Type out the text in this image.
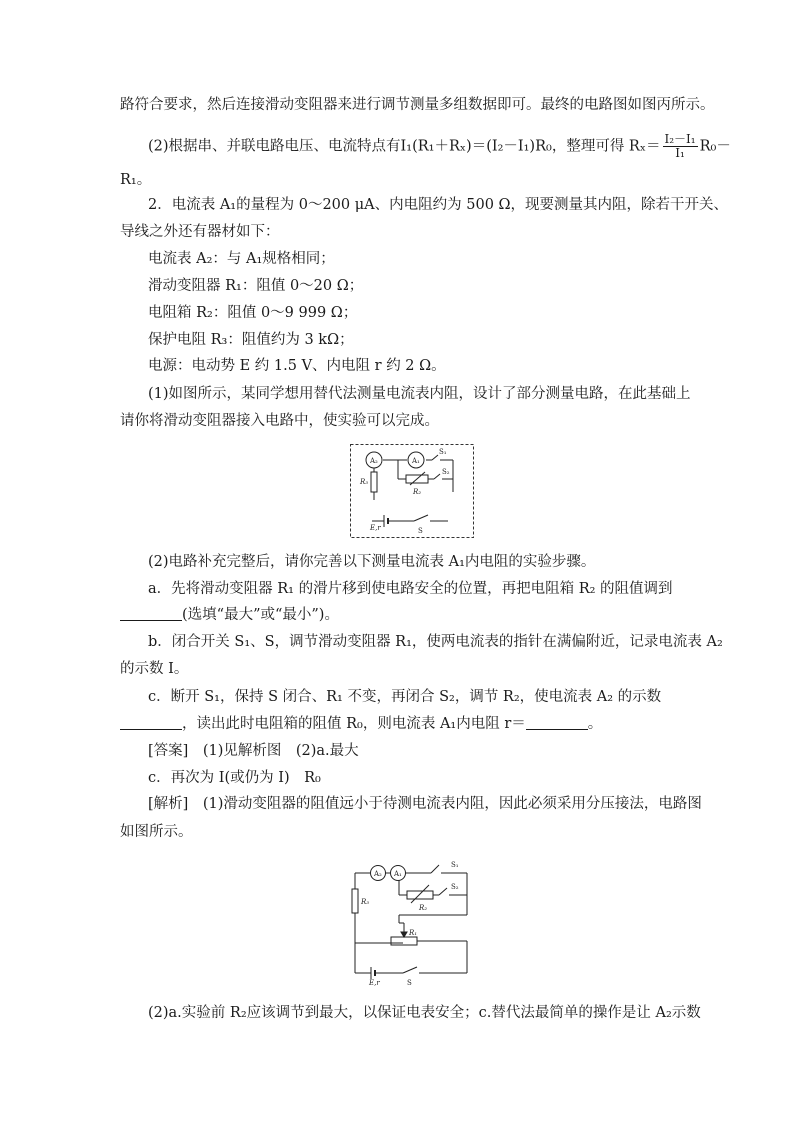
路符合要求，然后连接滑动变阻器来进行调节测量多组数据即可。最终的电路图如图丙所示。
(2)根据串、并联电路电压、电流特点有I₁(R₁＋Rₓ)＝(I₂－I₁)R₀，整理可得 $R_x= \frac{\text{I₂－I₁}}{\text{I₁}} R_0-$
R₁。
2．电流表 A₁的量程为 0～200 μA、内电阻约为 500 Ω，现要测量其内阻，除若干开关、
导线之外还有器材如下：
电流表 A₂：与 A₁规格相同；
滑动变阻器 R₁：阻值 0～20 Ω；
电阻箱 R₂：阻值 0～9 999 Ω；
保护电阻 R₃：阻值约为 3 kΩ；
电源：电动势 E 约 1.5 V、内电阻 r 约 2 Ω。
(1)如图所示，某同学想用替代法测量电流表内阻，设计了部分测量电路，在此基础上
请你将滑动变阻器接入电路中，使实验可以完成。
A₂	A₁
S₁
S₂
R₃
R₂
E,r	S
(2)电路补充完整后，请你完善以下测量电流表 A₁内电阻的实验步骤。
a．先将滑动变阻器 R₁ 的滑片移到使电路安全的位置，再把电阻箱 R₂ 的阻值调到
(选填“最大”或“最小”)。
b．闭合开关 S₁、S，调节滑动变阻器 R₁，使两电流表的指针在满偏附近，记录电流表 A₂
的示数 I。
c．断开 S₁，保持 S 闭合、R₁ 不变，再闭合 S₂，调节 R₂，使电流表 A₂ 的示数
，读出此时电阻箱的阻值 R₀，则电流表 A₁内电阻 r＝	。
[答案]　(1)见解析图　(2)a.最大
c．再次为 I(或仍为 I)　R₀
[解析]　(1)滑动变阻器的阻值远小于待测电流表内阻，因此必须采用分压接法，电路图
如图所示。
A₂ A₁
S₁
S₂
R₃
R₂
R₁
E,r	S
(2)a.实验前 R₂应该调节到最大，以保证电表安全；c.替代法最简单的操作是让 A₂示数
